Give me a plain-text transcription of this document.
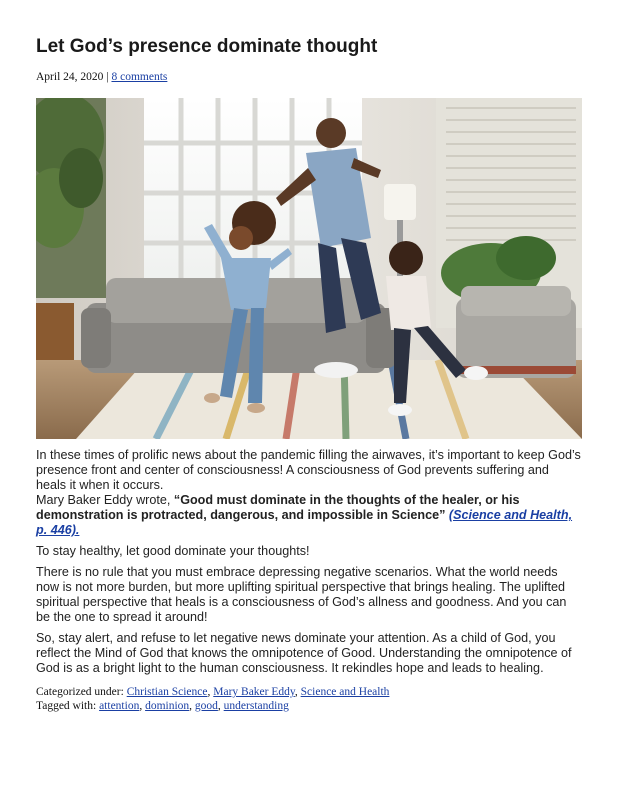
Let God’s presence dominate thought
April 24, 2020 | 8 comments

In these times of prolific news about the pandemic filling the airwaves, it’s important to keep God’s presence front and center of consciousness! A consciousness of God prevents suffering and heals it when it occurs.

Mary Baker Eddy wrote, “Good must dominate in the thoughts of the healer, or his demonstration is protracted, dangerous, and impossible in Science” (Science and Health, p. 446).

To stay healthy, let good dominate your thoughts!

There is no rule that you must embrace depressing negative scenarios. What the world needs now is not more burden, but more uplifting spiritual perspective that brings healing. The uplifted spiritual perspective that heals is a consciousness of God’s allness and goodness. And you can be the one to spread it around!

So, stay alert, and refuse to let negative news dominate your attention. As a child of God, you reflect the Mind of God that knows the omnipotence of Good. Understanding the omnipotence of God is as a bright light to the human consciousness. It rekindles hope and leads to healing.

Categorized under: Christian Science, Mary Baker Eddy, Science and Health
Tagged with: attention, dominion, good, understanding
